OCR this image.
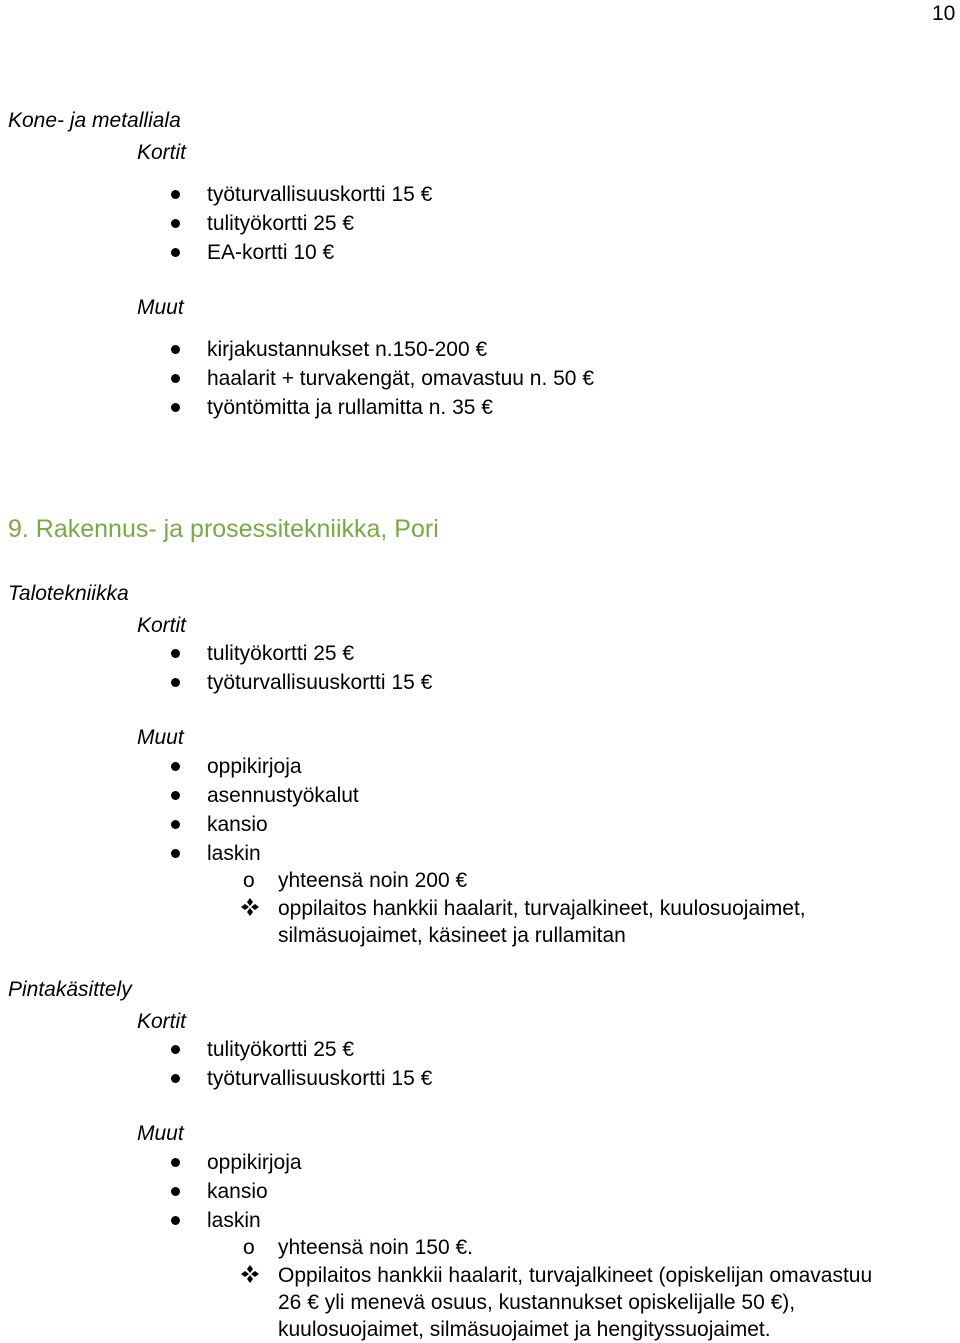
10
Kone- ja metalliala
Kortit
työturvallisuuskortti 15 €
tulityökortti 25 €
EA-kortti 10 €
Muut
kirjakustannukset n.150-200 €
haalarit + turvakengät, omavastuu n. 50 €
työntömitta ja rullamitta n. 35 €
9. Rakennus- ja prosessitekniikka, Pori
Talotekniikka
Kortit
tulityökortti 25 €
työturvallisuuskortti 15 €
Muut
oppikirjoja
asennustyökalut
kansio
laskin
o yhteensä noin 200 €
oppilaitos hankkii haalarit, turvajalkineet, kuulosuojaimet,
silmäsuojaimet, käsineet ja rullamitan
Pintakäsittely
Kortit
tulityökortti 25 €
työturvallisuuskortti 15 €
Muut
oppikirjoja
kansio
laskin
o yhteensä noin 150 €.
Oppilaitos hankkii haalarit, turvajalkineet (opiskelijan omavastuu
26 € yli menevä osuus, kustannukset opiskelijalle 50 €),
kuulosuojaimet, silmäsuojaimet ja hengityssuojaimet.
